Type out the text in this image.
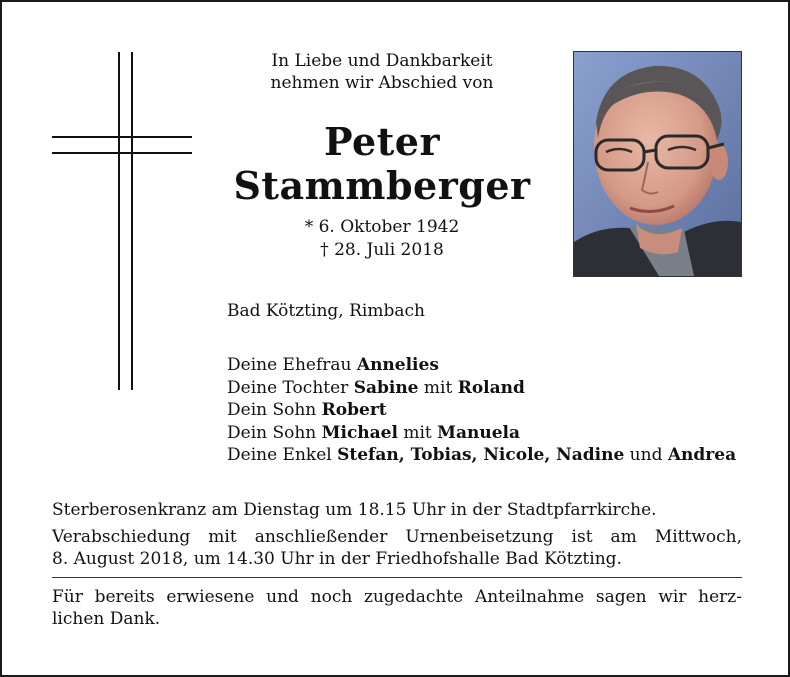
In Liebe und Dankbarkeit
nehmen wir Abschied von
Peter
Stammberger
* 6. Oktober 1942
† 28. Juli 2018
Bad Kötzting, Rimbach
Deine Ehefrau Annelies
Deine Tochter Sabine mit Roland
Dein Sohn Robert
Dein Sohn Michael mit Manuela
Deine Enkel Stefan, Tobias, Nicole, Nadine und Andrea
Sterberosenkranz am Dienstag um 18.15 Uhr in der Stadtpfarrkirche.
Verabschiedung mit anschließender Urnenbeisetzung ist am Mittwoch,
8. August 2018, um 14.30 Uhr in der Friedhofshalle Bad Kötzting.
Für bereits erwiesene und noch zugedachte Anteilnahme sagen wir herz-
lichen Dank.
